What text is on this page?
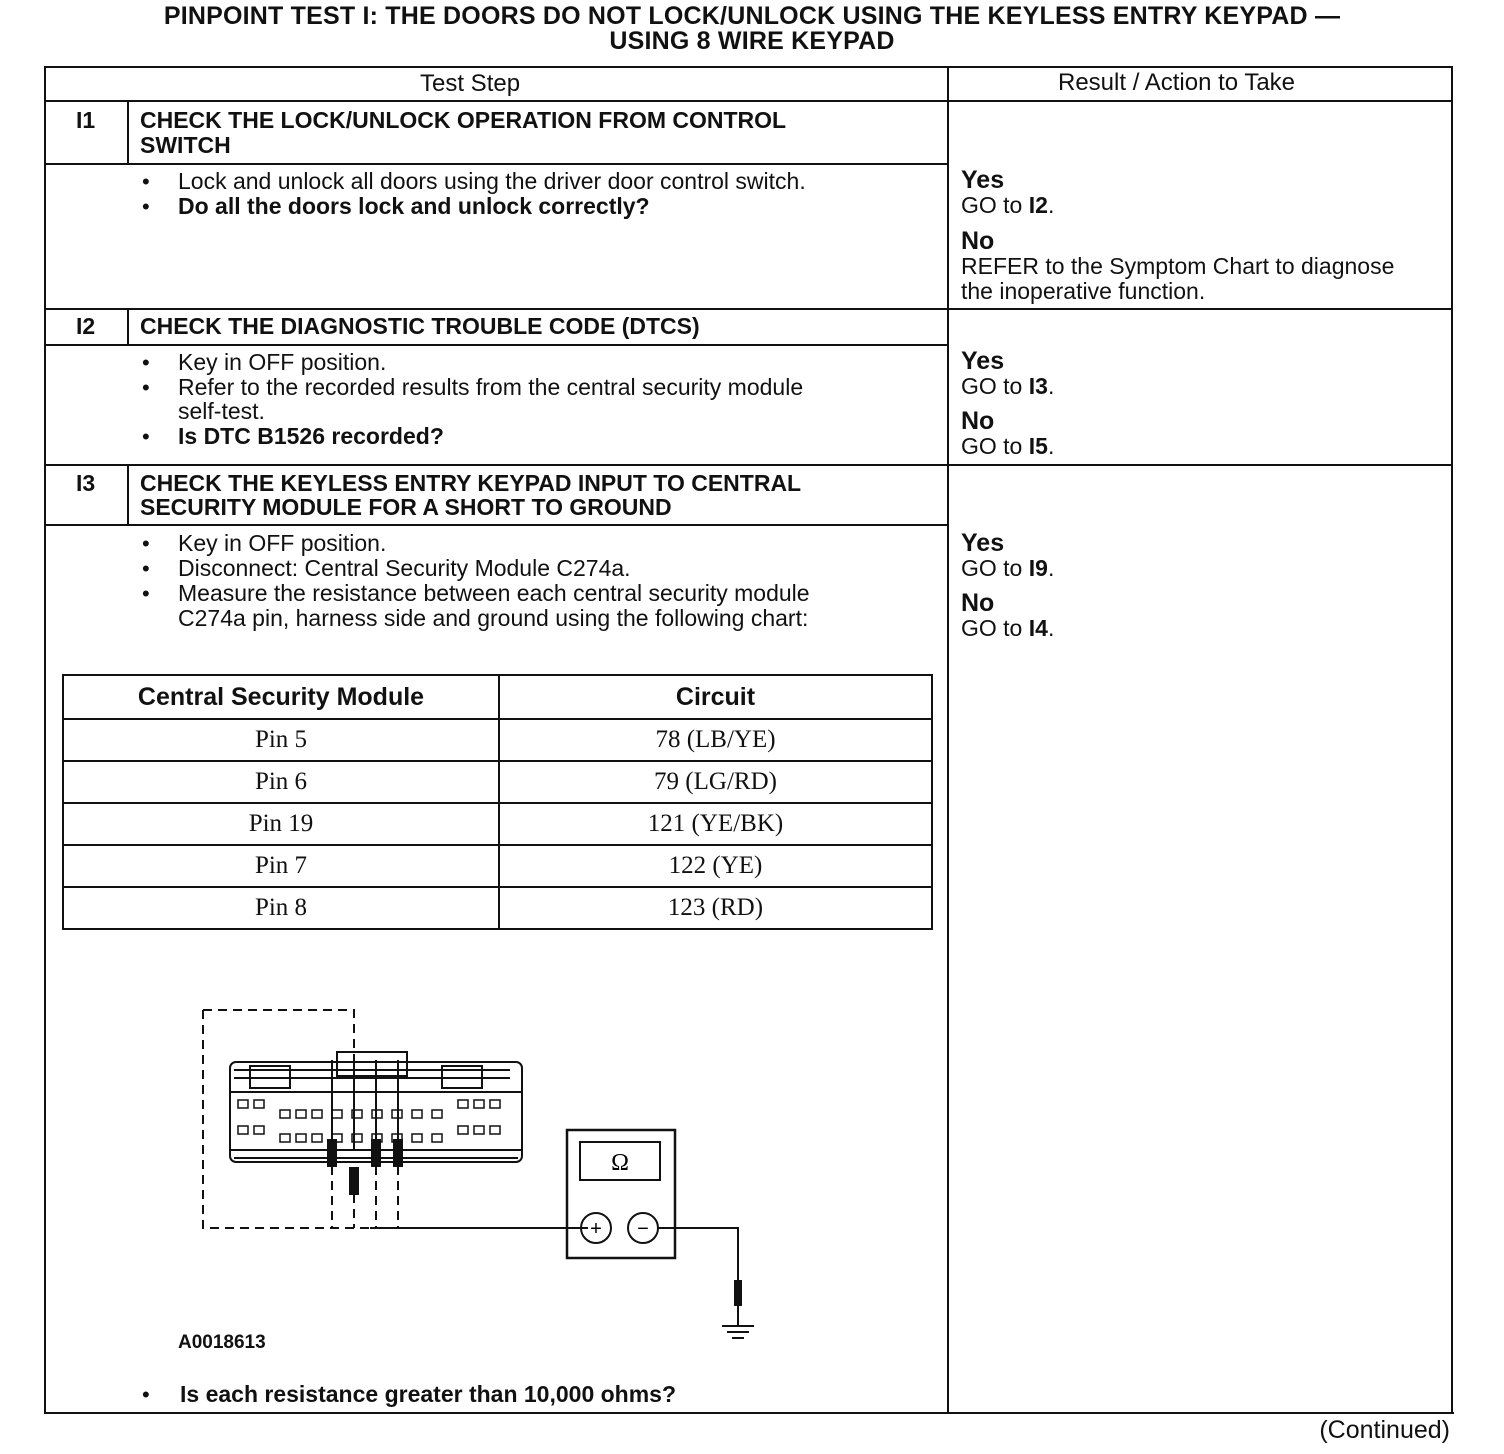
PINPOINT TEST I: THE DOORS DO NOT LOCK/UNLOCK USING THE KEYLESS ENTRY KEYPAD —
USING 8 WIRE KEYPAD
Test Step	Result / Action to Take
I1 CHECK THE LOCK/UNLOCK OPERATION FROM CONTROL
SWITCH
• Lock and unlock all doors using the driver door control switch.
• Do all the doors lock and unlock correctly?
Yes
GO to I2.
No
REFER to the Symptom Chart to diagnose
the inoperative function.
I2 CHECK THE DIAGNOSTIC TROUBLE CODE (DTCS)
• Key in OFF position.
• Refer to the recorded results from the central security module
self-test.
• Is DTC B1526 recorded?
Yes
GO to I3.
No
GO to I5.
I3 CHECK THE KEYLESS ENTRY KEYPAD INPUT TO CENTRAL
SECURITY MODULE FOR A SHORT TO GROUND
• Key in OFF position.
• Disconnect: Central Security Module C274a.
• Measure the resistance between each central security module
C274a pin, harness side and ground using the following chart:
Yes
GO to I9.
No
GO to I4.
Central Security Module	Circuit
Pin 5	78 (LB/YE)
Pin 6	79 (LG/RD)
Pin 19	121 (YE/BK)
Pin 7	122 (YE)
Pin 8	123 (RD)
Ω
+ −
A0018613
• Is each resistance greater than 10,000 ohms?
(Continued)
